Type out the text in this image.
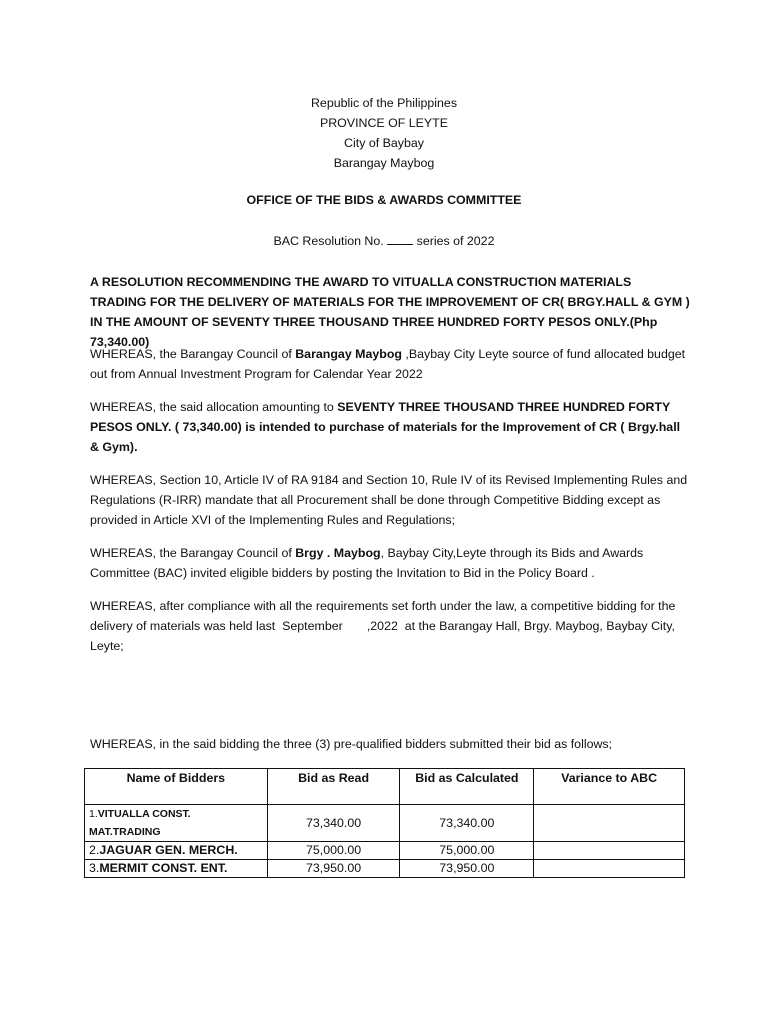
Republic of the Philippines
PROVINCE OF LEYTE
City of Baybay
Barangay Maybog
OFFICE OF THE BIDS & AWARDS COMMITTEE
BAC Resolution No.	series of 2022
A RESOLUTION RECOMMENDING THE AWARD TO VITUALLA CONSTRUCTION MATERIALS TRADING FOR THE DELIVERY OF MATERIALS FOR THE IMPROVEMENT OF CR( BRGY.HALL & GYM ) IN THE AMOUNT OF SEVENTY THREE THOUSAND THREE HUNDRED FORTY PESOS ONLY.(Php 73,340.00)
WHEREAS, the Barangay Council of Barangay Maybog ,Baybay City Leyte source of fund allocated budget out from Annual Investment Program for Calendar Year 2022
WHEREAS, the said allocation amounting to SEVENTY THREE THOUSAND THREE HUNDRED FORTY PESOS ONLY. ( 73,340.00) is intended to purchase of materials for the Improvement of CR ( Brgy.hall & Gym).
WHEREAS, Section 10, Article IV of RA 9184 and Section 10, Rule IV of its Revised Implementing Rules and Regulations (R-IRR) mandate that all Procurement shall be done through Competitive Bidding except as provided in Article XVI of the Implementing Rules and Regulations;
WHEREAS, the Barangay Council of Brgy . Maybog, Baybay City,Leyte through its Bids and Awards Committee (BAC) invited eligible bidders by posting the Invitation to Bid in the Policy Board .
WHEREAS, after compliance with all the requirements set forth under the law, a competitive bidding for the delivery of materials was held last  September       ,2022  at the Barangay Hall, Brgy. Maybog, Baybay City, Leyte;
WHEREAS, in the said bidding the three (3) pre-qualified bidders submitted their bid as follows;
Name of Bidders	Bid as Read	Bid as Calculated	Variance to ABC
1.VITUALLA CONST. MAT.TRADING	73,340.00	73,340.00	
2.JAGUAR GEN. MERCH.	75,000.00	75,000.00	
3.MERMIT CONST. ENT.	73,950.00	73,950.00	
